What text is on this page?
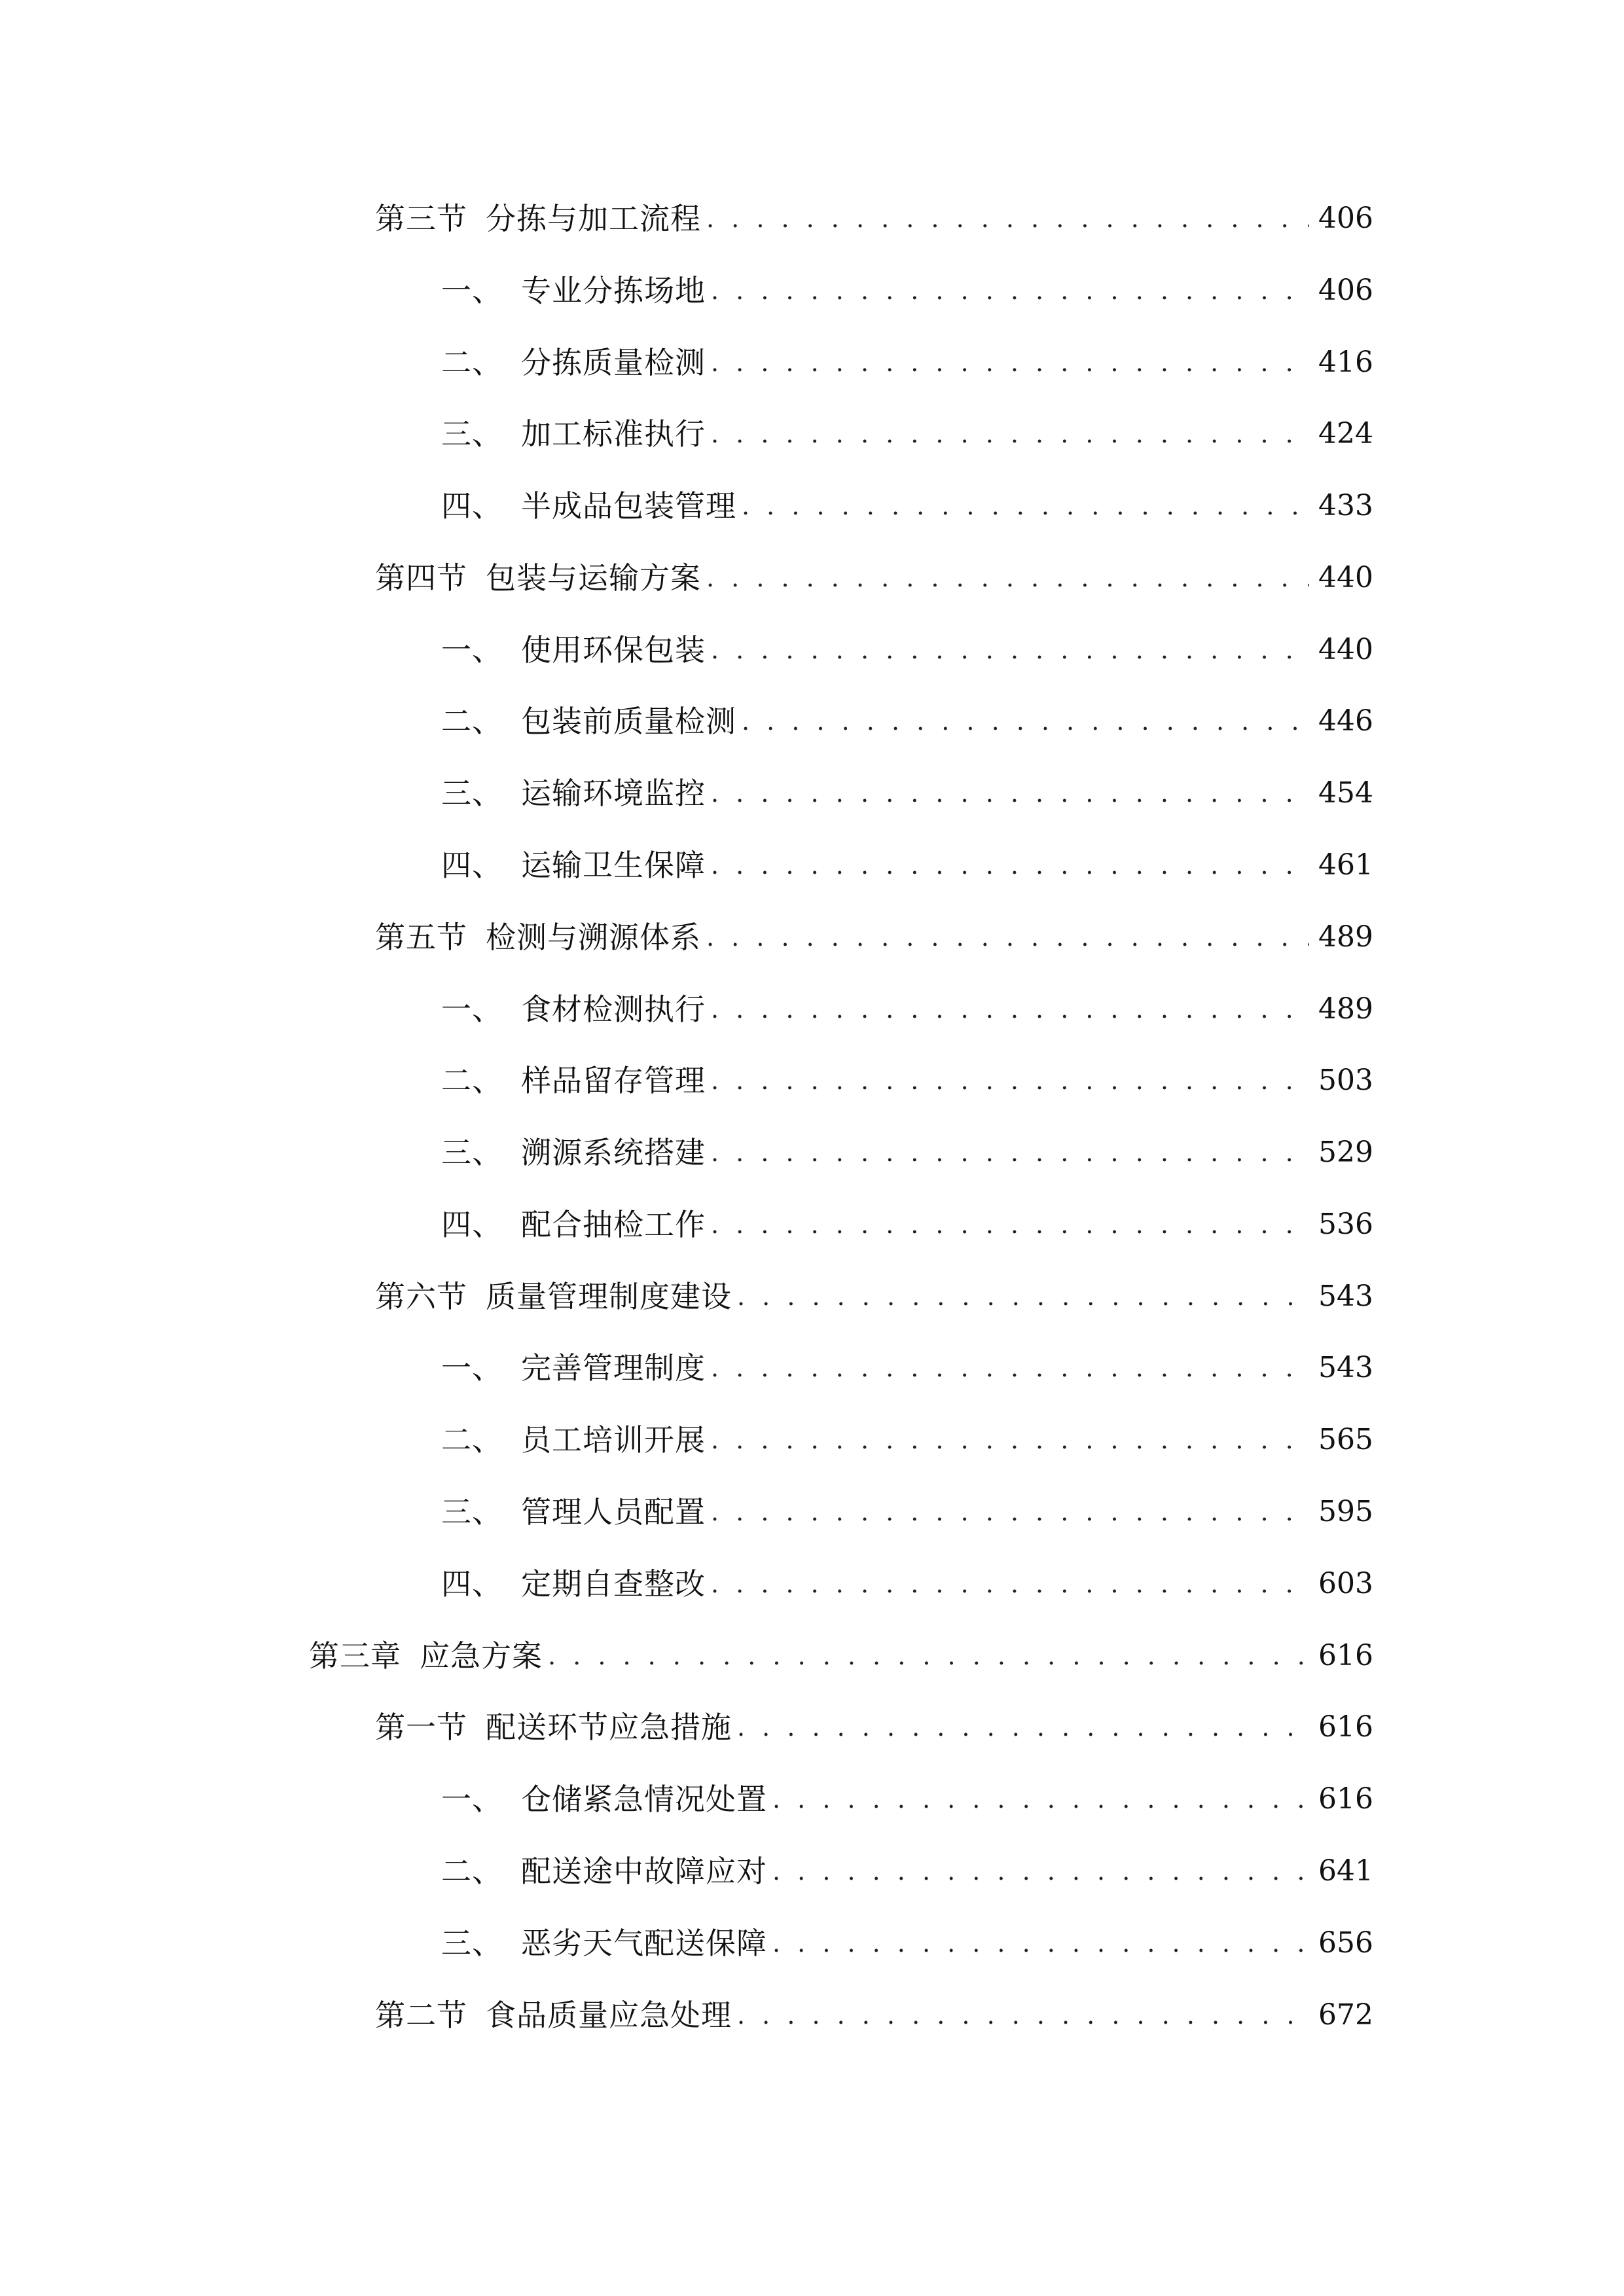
第三节 分拣与加工流程 . . .	406
一、 专业分拣场地 . . .	406
二、 分拣质量检测 . . .	416
三、 加工标准执行 . . .	424
四、 半成品包装管理 . . .	433
第四节 包装与运输方案 . . .	440
一、 使用环保包装 . . .	440
二、 包装前质量检测 . . .	446
三、 运输环境监控 . . .	454
四、 运输卫生保障 . . .	461
第五节 检测与溯源体系 . . .	489
一、 食材检测执行 . . .	489
二、 样品留存管理 . . .	503
三、 溯源系统搭建 . . .	529
四、 配合抽检工作 . . .	536
第六节 质量管理制度建设 . . .	543
一、 完善管理制度 . . .	543
二、 员工培训开展 . . .	565
三、 管理人员配置 . . .	595
四、 定期自查整改 . . .	603
第三章 应急方案 . . .	616
第一节 配送环节应急措施 . . .	616
一、 仓储紧急情况处置 . . .	616
二、 配送途中故障应对 . . .	641
三、 恶劣天气配送保障 . . .	656
第二节 食品质量应急处理 . . .	672
